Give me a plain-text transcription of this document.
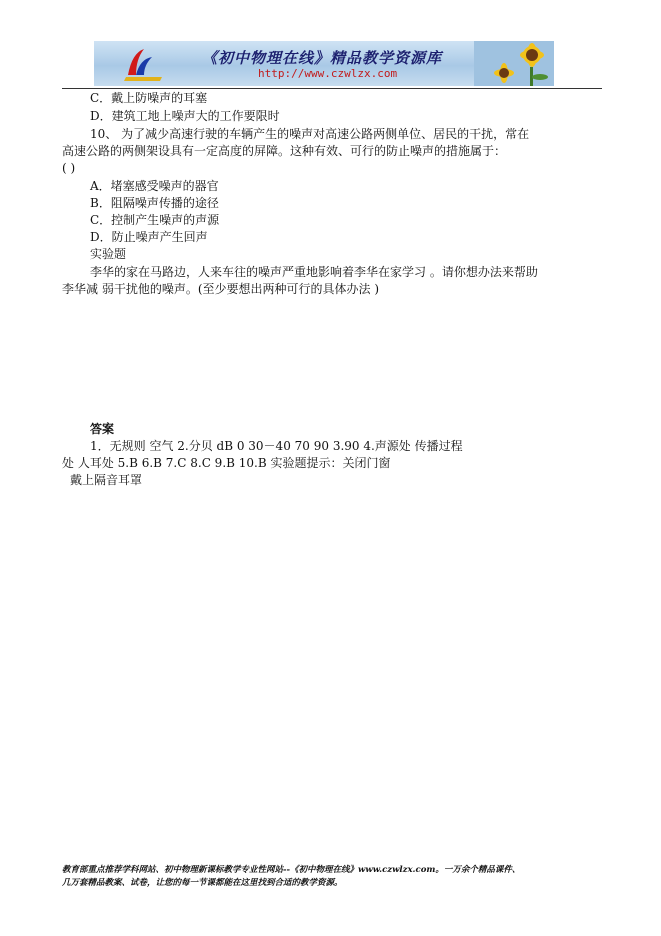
《初中物理在线》精品教学资源库
http://www.czwlzx.com
C．戴上防噪声的耳塞
D．建筑工地上噪声大的工作要限时
10、 为了减少高速行驶的车辆产生的噪声对高速公路两侧单位、居民的干扰，常在
高速公路的两侧架设具有一定高度的屏障。这种有效、可行的防止噪声的措施属于：
( )
A．堵塞感受噪声的器官
B．阻隔噪声传播的途径
C．控制产生噪声的声源
D．防止噪声产生回声
实验题
李华的家在马路边，人来车往的噪声严重地影响着李华在家学习 。请你想办法来帮助
李华减 弱干扰他的噪声。(至少要想出两种可行的具体办法 )
答案
1．无规则 空气 2.分贝 dB 0 30－40 70 90 3.90 4.声源处 传播过程
处 人耳处 5.B 6.B 7.C 8.C 9.B 10.B 实验题提示：关闭门窗
戴上隔音耳罩
教育部重点推荐学科网站、初中物理新课标教学专业性网站--《初中物理在线》www.czwlzx.com。一万余个精品课件、
几万套精品教案、试卷，让您的每一节课都能在这里找到合适的教学资源。
